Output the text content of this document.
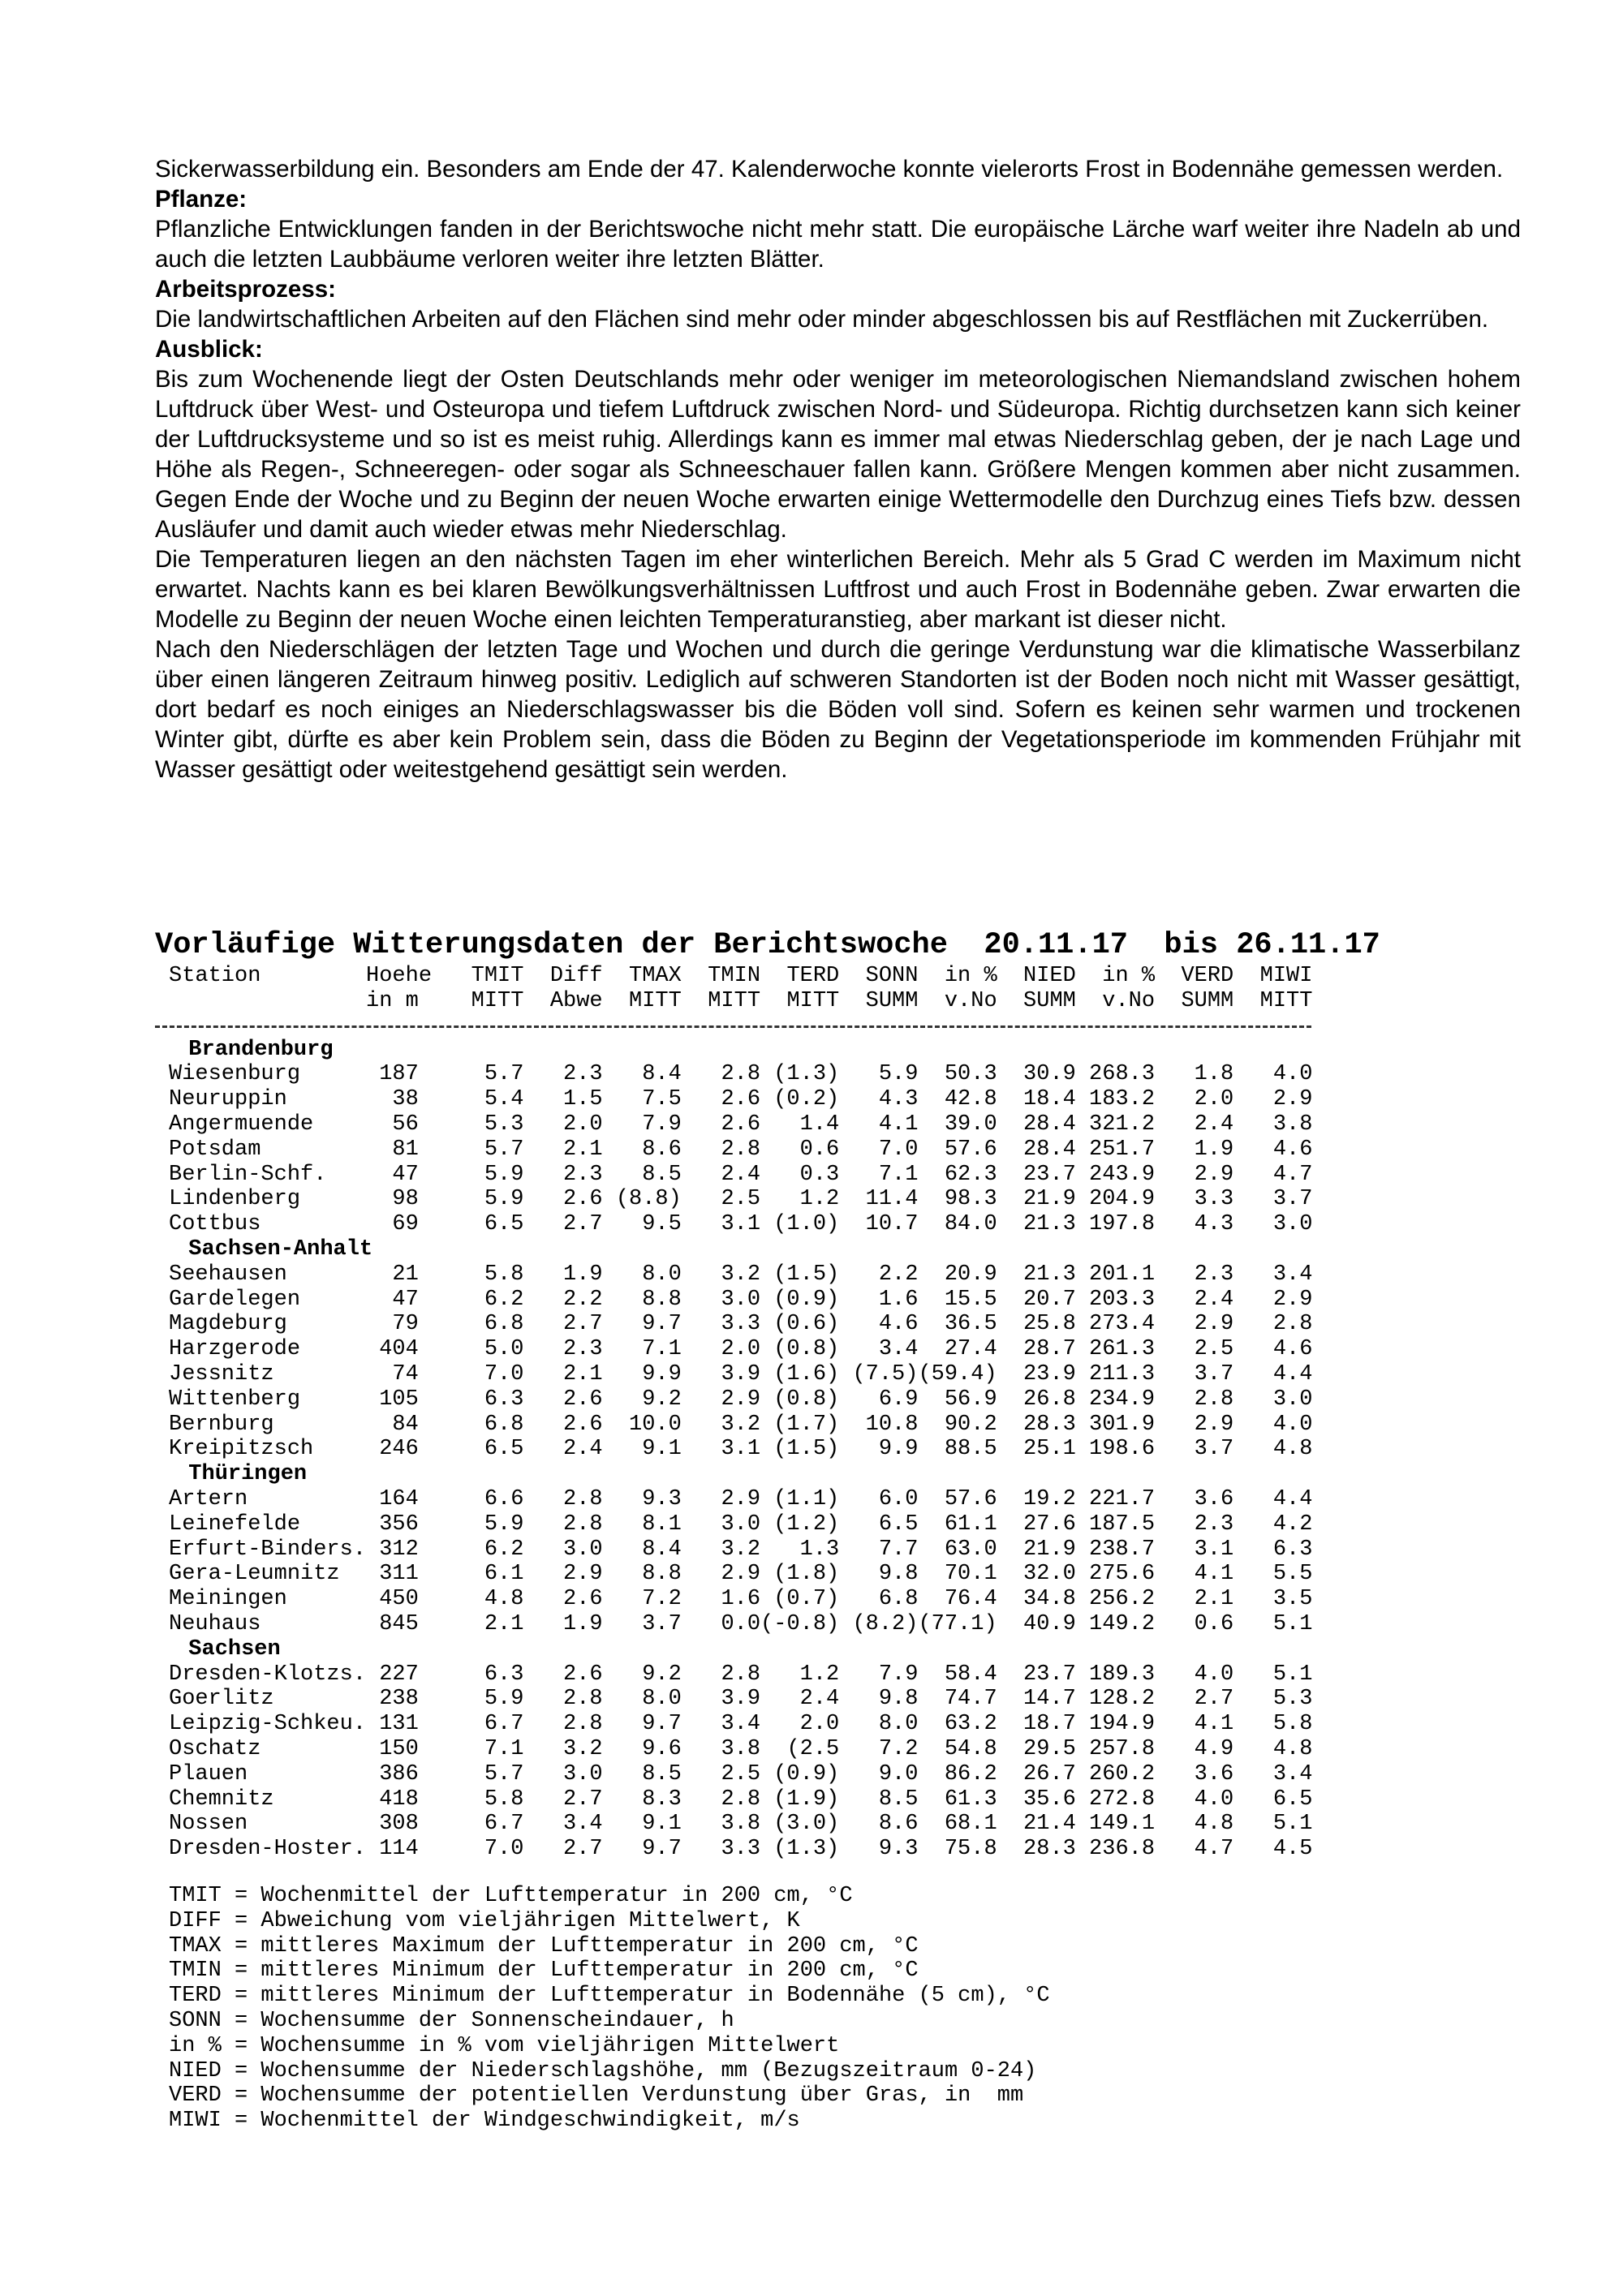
Sickerwasserbildung ein. Besonders am Ende der 47. Kalenderwoche konnte vielerorts Frost in Bodennähe gemessen werden.

Pflanze:

Pflanzliche Entwicklungen fanden in der Berichtswoche nicht mehr statt. Die europäische Lärche warf weiter ihre Nadeln ab und auch die letzten Laubbäume verloren weiter ihre letzten Blätter.

Arbeitsprozess:

Die landwirtschaftlichen Arbeiten auf den Flächen sind mehr oder minder abgeschlossen bis auf Restflächen mit Zuckerrüben.

Ausblick:

Bis zum Wochenende liegt der Osten Deutschlands mehr oder weniger im meteorologischen Niemandsland zwischen hohem Luftdruck über West- und Osteuropa und tiefem Luftdruck zwischen Nord- und Südeuropa. Richtig durchsetzen kann sich keiner der Luftdrucksysteme und so ist es meist ruhig. Allerdings kann es immer mal etwas Niederschlag geben, der je nach Lage und Höhe als Regen-, Schneeregen- oder sogar als Schneeschauer fallen kann. Größere Mengen kommen aber nicht zusammen. Gegen Ende der Woche und zu Beginn der neuen Woche erwarten einige Wettermodelle den Durchzug eines Tiefs bzw. dessen Ausläufer und damit auch wieder etwas mehr Niederschlag.

Die Temperaturen liegen an den nächsten Tagen im eher winterlichen Bereich. Mehr als 5 Grad C werden im Maximum nicht erwartet. Nachts kann es bei klaren Bewölkungsverhältnissen Luftfrost und auch Frost in Bodennähe geben. Zwar erwarten die Modelle zu Beginn der neuen Woche einen leichten Temperaturanstieg, aber markant ist dieser nicht.

Nach den Niederschlägen der letzten Tage und Wochen und durch die geringe Verdunstung war die klimatische Wasserbilanz über einen längeren Zeitraum hinweg positiv. Lediglich auf schweren Standorten ist der Boden noch nicht mit Wasser gesättigt, dort bedarf es noch einiges an Niederschlagswasser bis die Böden voll sind. Sofern es keinen sehr warmen und trockenen Winter gibt, dürfte es aber kein Problem sein, dass die Böden zu Beginn der Vegetationsperiode im kommenden Frühjahr mit Wasser gesättigt oder weitestgehend gesättigt sein werden.

Vorläufige Witterungsdaten der Berichtswoche  20.11.17  bis 26.11.17
Station	Hoehe	TMIT	Diff	TMAX	TMIN	TERD	SONN	in %	NIED	in %	VERD	MIWI
in m	MITT	Abwe	MITT	MITT	MITT	SUMM	v.No	SUMM	v.No	SUMM	MITT
Brandenburg
Wiesenburg	187	5.7	2.3	8.4	2.8 (1.3)	5.9	50.3	30.9 268.3	1.8	4.0
Neuruppin	38	5.4	1.5	7.5	2.6 (0.2)	4.3	42.8	18.4 183.2	2.0	2.9
Angermuende	56	5.3	2.0	7.9	2.6	1.4	4.1	39.0	28.4 321.2	2.4	3.8
Potsdam	81	5.7	2.1	8.6	2.8	0.6	7.0	57.6	28.4 251.7	1.9	4.6
Berlin-Schf.	47	5.9	2.3	8.5	2.4	0.3	7.1	62.3	23.7 243.9	2.9	4.7
Lindenberg	98	5.9	2.6 (8.8)	2.5	1.2	11.4	98.3	21.9 204.9	3.3	3.7
Cottbus	69	6.5	2.7	9.5	3.1 (1.0)	10.7	84.0	21.3 197.8	4.3	3.0
Sachsen-Anhalt
Seehausen	21	5.8	1.9	8.0	3.2 (1.5)	2.2	20.9	21.3 201.1	2.3	3.4
Gardelegen	47	6.2	2.2	8.8	3.0 (0.9)	1.6	15.5	20.7 203.3	2.4	2.9
Magdeburg	79	6.8	2.7	9.7	3.3 (0.6)	4.6	36.5	25.8 273.4	2.9	2.8
Harzgerode	404	5.0	2.3	7.1	2.0 (0.8)	3.4	27.4	28.7 261.3	2.5	4.6
Jessnitz	74	7.0	2.1	9.9	3.9 (1.6) (7.5) (59.4)	23.9 211.3	3.7	4.4
Wittenberg	105	6.3	2.6	9.2	2.9 (0.8)	6.9	56.9	26.8 234.9	2.8	3.0
Bernburg	84	6.8	2.6	10.0	3.2 (1.7)	10.8	90.2	28.3 301.9	2.9	4.0
Kreipitzsch	246	6.5	2.4	9.1	3.1 (1.5)	9.9	88.5	25.1 198.6	3.7	4.8
Thüringen
Artern	164	6.6	2.8	9.3	2.9 (1.1)	6.0	57.6	19.2 221.7	3.6	4.4
Leinefelde	356	5.9	2.8	8.1	3.0 (1.2)	6.5	61.1	27.6 187.5	2.3	4.2
Erfurt-Binders. 312	6.2	3.0	8.4	3.2	1.3	7.7	63.0	21.9 238.7	3.1	6.3
Gera-Leumnitz	311	6.1	2.9	8.8	2.9 (1.8)	9.8	70.1	32.0 275.6	4.1	5.5
Meiningen	450	4.8	2.6	7.2	1.6 (0.7)	6.8	76.4	34.8 256.2	2.1	3.5
Neuhaus	845	2.1	1.9	3.7	0.0 (-0.8) (8.2) (77.1)	40.9 149.2	0.6	5.1
Sachsen
Dresden-Klotzs. 227	6.3	2.6	9.2	2.8	1.2	7.9	58.4	23.7 189.3	4.0	5.1
Goerlitz	238	5.9	2.8	8.0	3.9	2.4	9.8	74.7	14.7 128.2	2.7	5.3
Leipzig-Schkeu. 131	6.7	2.8	9.7	3.4	2.0	8.0	63.2	18.7 194.9	4.1	5.8
Oschatz	150	7.1	3.2	9.6	3.8	(2.5	7.2	54.8	29.5 257.8	4.9	4.8
Plauen	386	5.7	3.0	8.5	2.5 (0.9)	9.0	86.2	26.7 260.2	3.6	3.4
Chemnitz	418	5.8	2.7	8.3	2.8 (1.9)	8.5	61.3	35.6 272.8	4.0	6.5
Nossen	308	6.7	3.4	9.1	3.8 (3.0)	8.6	68.1	21.4 149.1	4.8	5.1
Dresden-Hoster. 114	7.0	2.7	9.7	3.3 (1.3)	9.3	75.8	28.3 236.8	4.7	4.5
TMIT = Wochenmittel der Lufttemperatur in 200 cm, °C
DIFF = Abweichung vom vieljährigen Mittelwert, K
TMAX = mittleres Maximum der Lufttemperatur in 200 cm, °C
TMIN = mittleres Minimum der Lufttemperatur in 200 cm, °C
TERD = mittleres Minimum der Lufttemperatur in Bodennähe (5 cm), °C
SONN = Wochensumme der Sonnenscheindauer, h
in % = Wochensumme in % vom vieljährigen Mittelwert
NIED = Wochensumme der Niederschlagshöhe, mm (Bezugszeitraum 0-24)
VERD = Wochensumme der potentiellen Verdunstung über Gras, in  mm
MIWI = Wochenmittel der Windgeschwindigkeit, m/s
